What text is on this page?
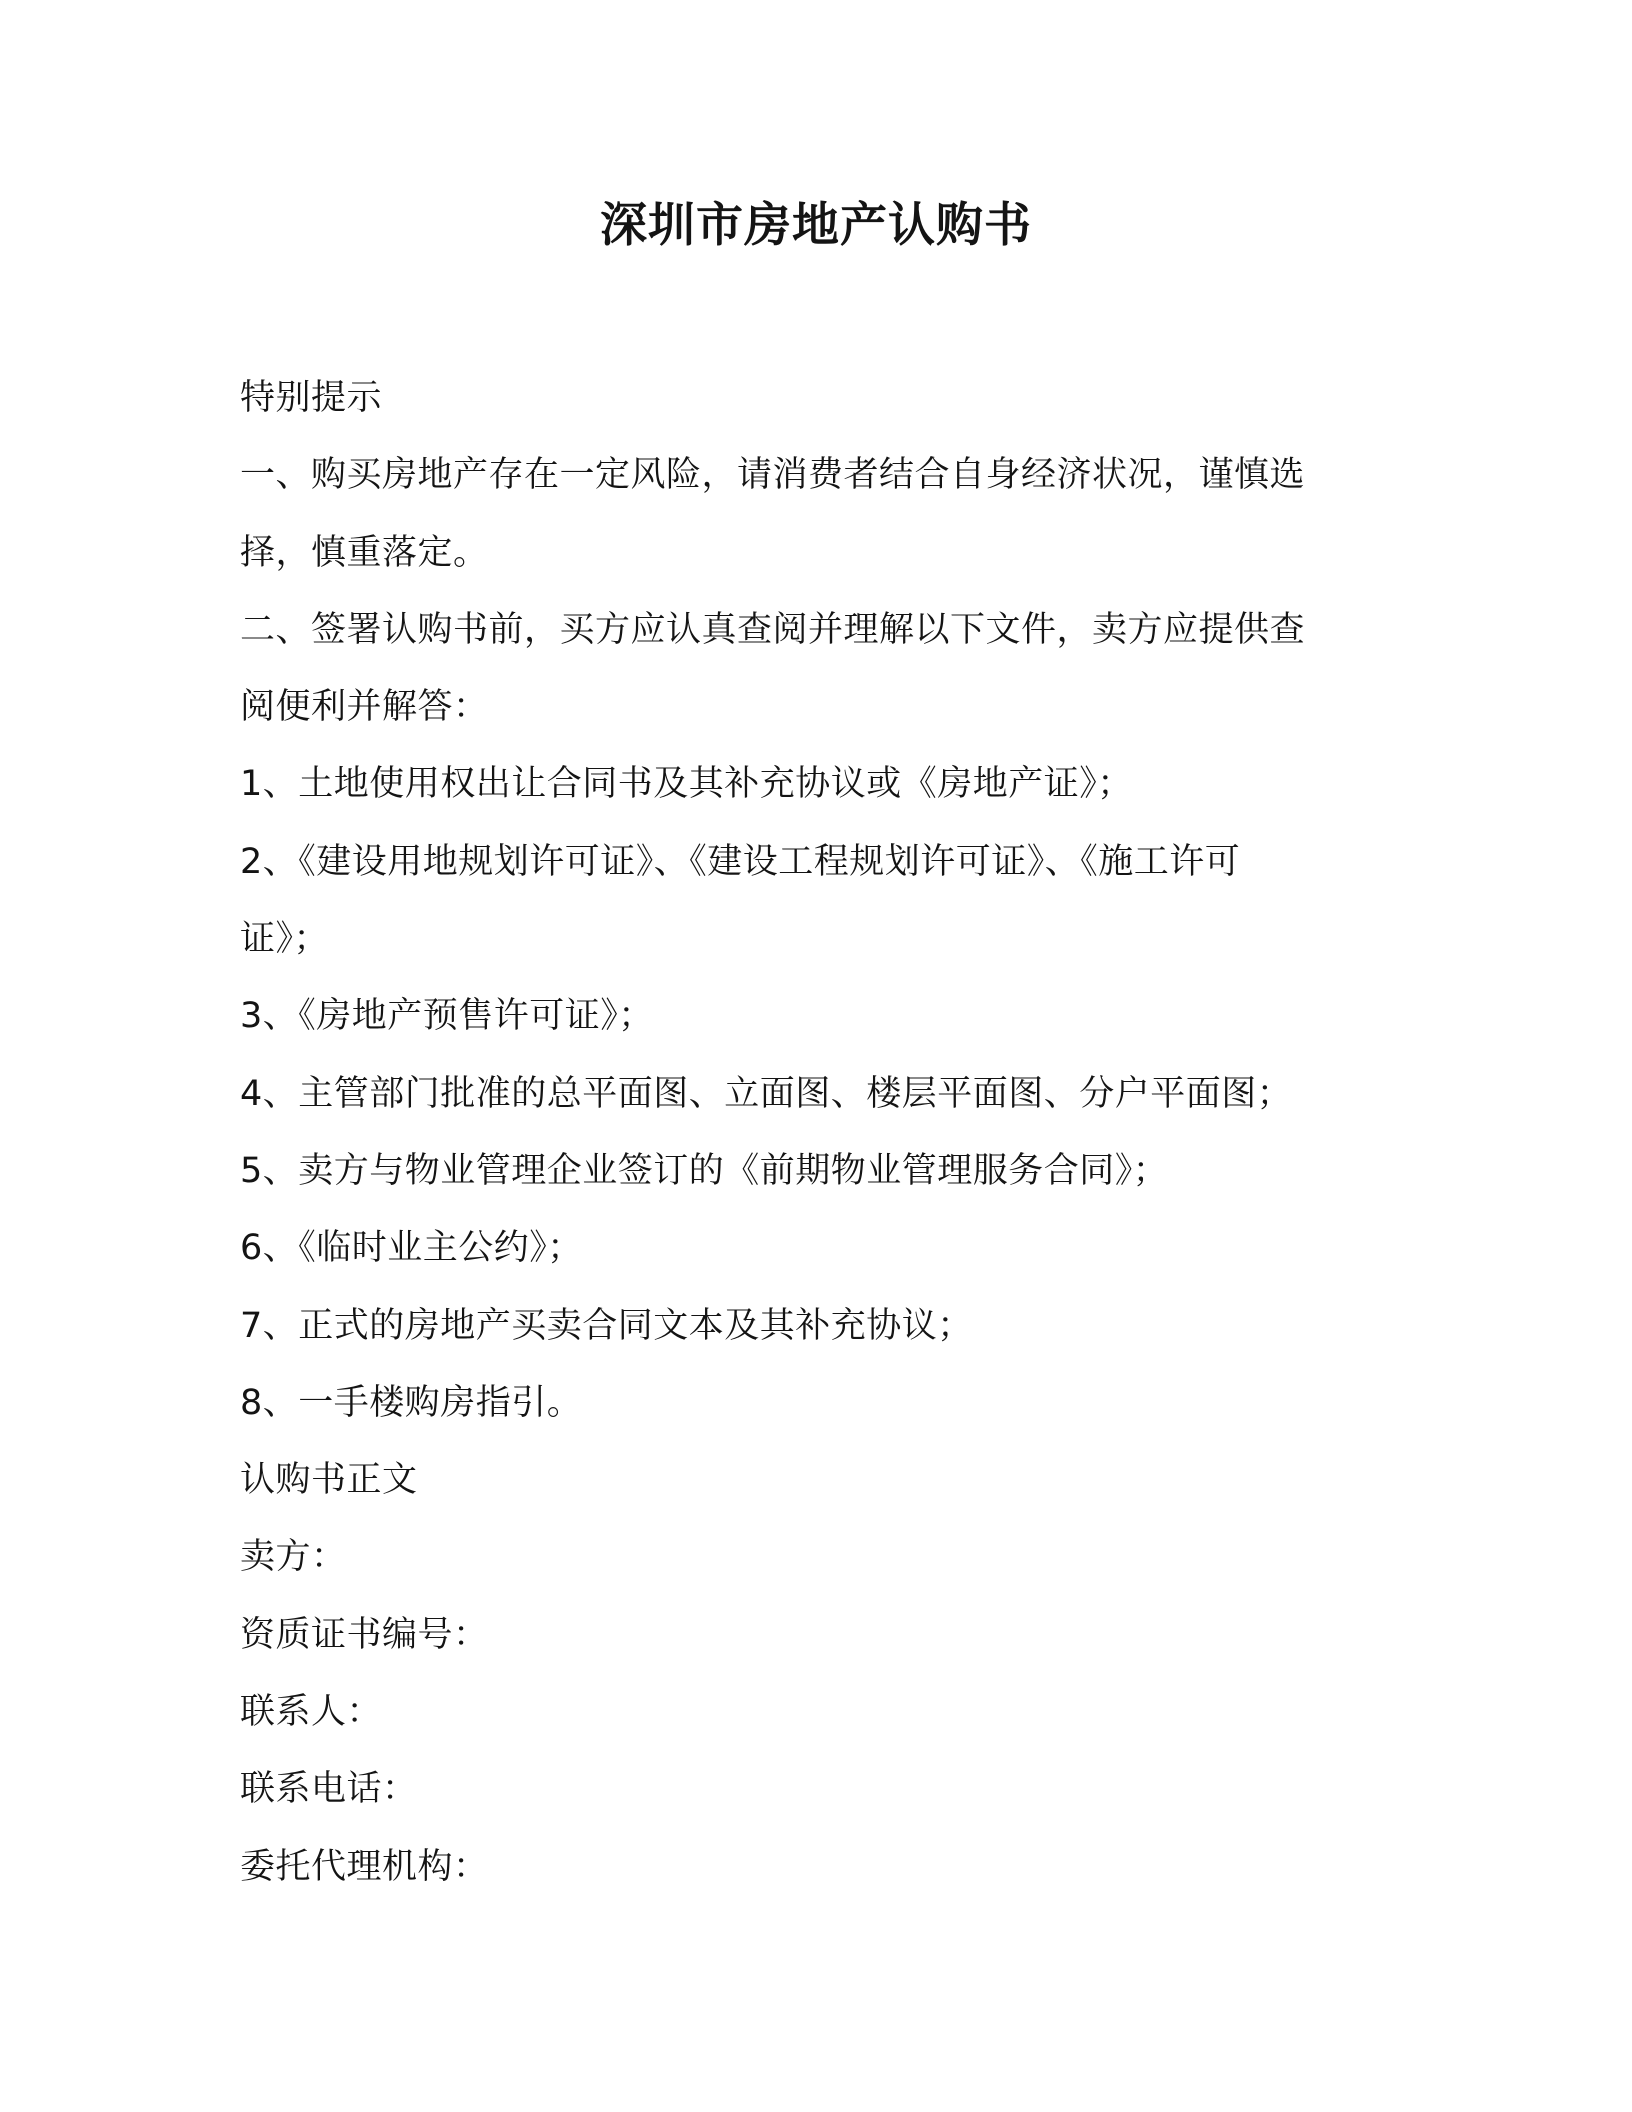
深圳市房地产认购书
特别提示
一、购买房地产存在一定风险，请消费者结合自身经济状况，谨慎选
择，慎重落定。
二、签署认购书前，买方应认真查阅并理解以下文件，卖方应提供查
阅便利并解答：
1、土地使用权出让合同书及其补充协议或《房地产证》；
2、《建设用地规划许可证》、《建设工程规划许可证》、《施工许可
证》；
3、《房地产预售许可证》；
4、主管部门批准的总平面图、立面图、楼层平面图、分户平面图；
5、卖方与物业管理企业签订的《前期物业管理服务合同》；
6、《临时业主公约》；
7、正式的房地产买卖合同文本及其补充协议；
8、一手楼购房指引。
认购书正文
卖方：
资质证书编号：
联系人：
联系电话：
委托代理机构：
